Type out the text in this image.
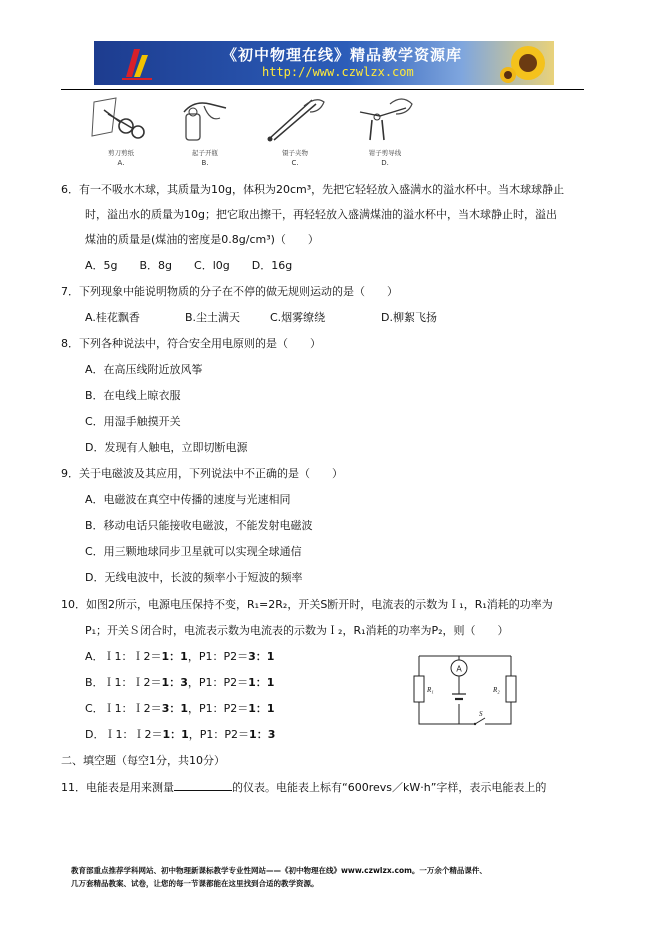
《初中物理在线》精品教学资源库
http://www.czwlzx.com
剪刀剪纸
A.
起子开瓶
B.
镊子夹物
C.
钳子剪导线
D.
6．有一不吸水木球，其质量为10g，体积为20cm³，先把它轻轻放入盛满水的溢水杯中。当木球球静止
时，溢出水的质量为10g；把它取出擦干，再轻轻放入盛满煤油的溢水杯中，当木球静止时，溢出
煤油的质量是(煤油的密度是0.8g/cm³)（　　）
A．5g　　B．8g　　C．l0g　　D．16g
7．下列现象中能说明物质的分子在不停的做无规则运动的是（　　）
A.桂花飘香	B.尘土满天	C.烟雾缭绕	D.柳絮飞扬
8．下列各种说法中，符合安全用电原则的是（　　）
A．在高压线附近放风筝
B．在电线上晾衣服
C．用湿手触摸开关
D．发现有人触电，立即切断电源
9．关于电磁波及其应用，下列说法中不正确的是（　　）
A．电磁波在真空中传播的速度与光速相同
B．移动电话只能接收电磁波，不能发射电磁波
C．用三颗地球同步卫星就可以实现全球通信
D．无线电波中，长波的频率小于短波的频率
10．如图2所示，电源电压保持不变，R₁=2R₂，开关S断开时，电流表的示数为Ｉ₁，R₁消耗的功率为
P₁；开关Ｓ闭合时，电流表示数为电流表的示数为Ｉ₂，R₁消耗的功率为P₂，则（　　）
A．Ｉ1：Ｉ2＝1：1，P1：P2＝3：1
B．Ｉ1：Ｉ2＝1：3，P1：P2＝1：1
C．Ｉ1：Ｉ2＝3：1，P1：P2＝1：1
D．Ｉ1：Ｉ2＝1：1，P1：P2＝1：3
A
R₁	R₂
S
二、填空题（每空1分，共10分）
11．电能表是用来测量	的仪表。电能表上标有“600revs／kW·h”字样，表示电能表上的
教育部重点推荐学科网站、初中物理新课标教学专业性网站——《初中物理在线》www.czwlzx.com。一万余个精品课件、
几万套精品教案、试卷，让您的每一节课都能在这里找到合适的教学资源。
